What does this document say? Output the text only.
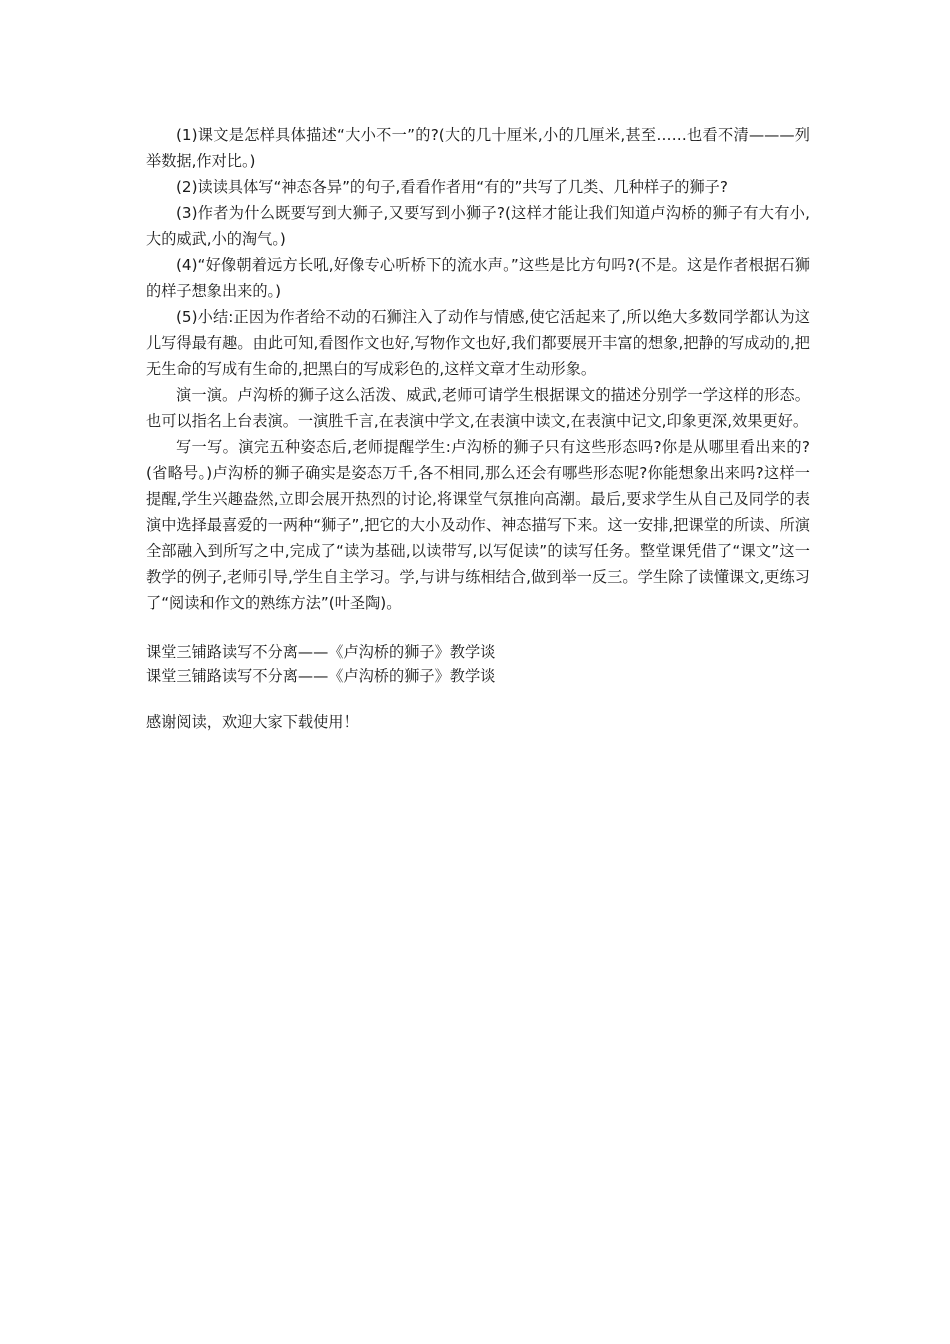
(1)课文是怎样具体描述“大小不一”的?(大的几十厘米,小的几厘米,甚至……也看不清———列举数据,作对比。)

(2)读读具体写“神态各异”的句子,看看作者用“有的”共写了几类、几种样子的狮子?

(3)作者为什么既要写到大狮子,又要写到小狮子?(这样才能让我们知道卢沟桥的狮子有大有小,大的威武,小的淘气。)

(4)“好像朝着远方长吼,好像专心听桥下的流水声。”这些是比方句吗?(不是。这是作者根据石狮的样子想象出来的。)

(5)小结:正因为作者给不动的石狮注入了动作与情感,使它活起来了,所以绝大多数同学都认为这儿写得最有趣。由此可知,看图作文也好,写物作文也好,我们都要展开丰富的想象,把静的写成动的,把无生命的写成有生命的,把黑白的写成彩色的,这样文章才生动形象。

演一演。卢沟桥的狮子这么活泼、威武,老师可请学生根据课文的描述分别学一学这样的形态。也可以指名上台表演。一演胜千言,在表演中学文,在表演中读文,在表演中记文,印象更深,效果更好。

写一写。演完五种姿态后,老师提醒学生:卢沟桥的狮子只有这些形态吗?你是从哪里看出来的?(省略号。)卢沟桥的狮子确实是姿态万千,各不相同,那么还会有哪些形态呢?你能想象出来吗?这样一提醒,学生兴趣盎然,立即会展开热烈的讨论,将课堂气氛推向高潮。最后,要求学生从自己及同学的表演中选择最喜爱的一两种“狮子”,把它的大小及动作、神态描写下来。这一安排,把课堂的所读、所演全部融入到所写之中,完成了“读为基础,以读带写,以写促读”的读写任务。整堂课凭借了“课文”这一教学的例子,老师引导,学生自主学习。学,与讲与练相结合,做到举一反三。学生除了读懂课文,更练习了“阅读和作文的熟练方法”(叶圣陶)。

课堂三铺路读写不分离——《卢沟桥的狮子》教学谈

课堂三铺路读写不分离——《卢沟桥的狮子》教学谈

感谢阅读，欢迎大家下载使用！
